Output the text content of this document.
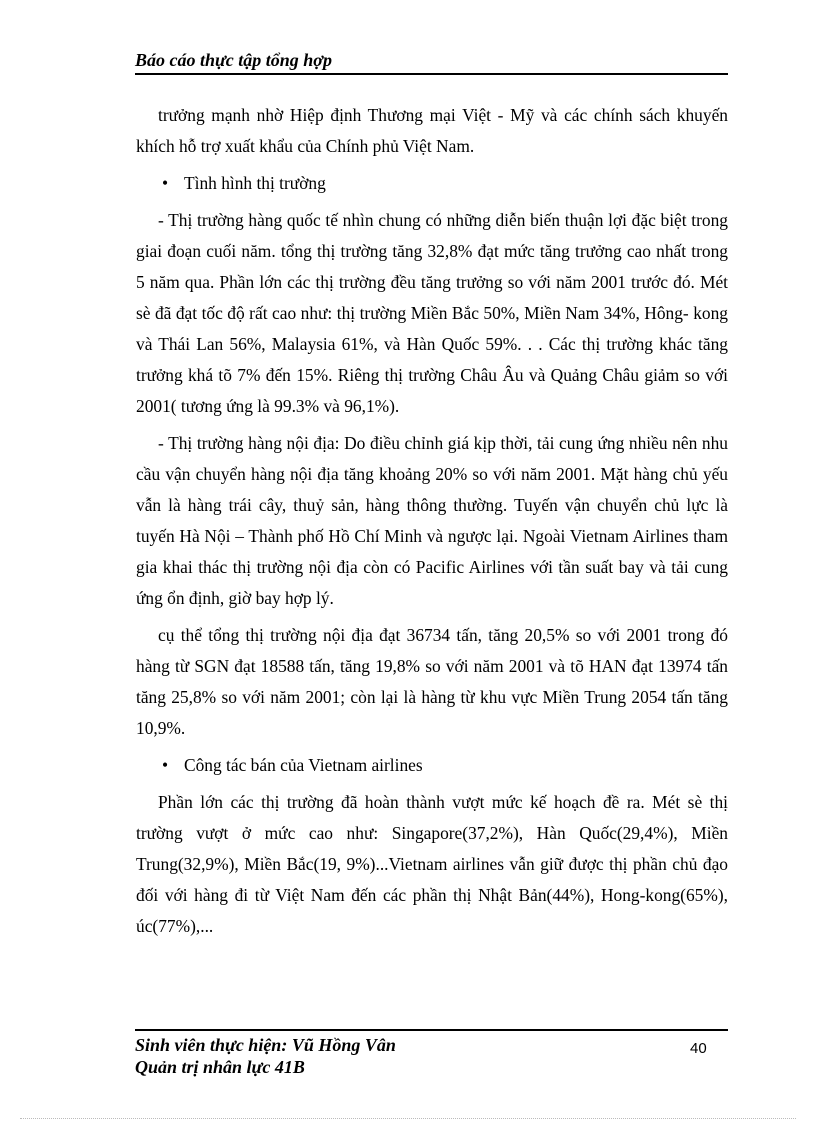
Báo cáo thực tập tổng hợp

trưởng mạnh nhờ Hiệp định Thương mại Việt - Mỹ và các chính sách khuyến khích hỗ trợ xuất khẩu của Chính phủ Việt Nam.

• Tình hình thị trường

- Thị trường hàng quốc tế nhìn chung có những diễn biến thuận lợi đặc biệt trong giai đoạn cuối năm. tổng thị trường tăng 32,8% đạt mức tăng trưởng cao nhất trong 5 năm qua. Phần lớn các thị trường đều tăng trưởng so với năm 2001 trước đó. Mét sè đã đạt tốc độ rất cao như: thị trường Miền Bắc 50%, Miền Nam 34%, Hông- kong và Thái Lan 56%, Malaysia 61%, và Hàn Quốc 59%. . . Các thị trường khác tăng trưởng khá tõ 7% đến 15%. Riêng thị trường Châu Âu và Quảng Châu giảm so với 2001( tương ứng là 99.3% và 96,1%).

- Thị trường hàng nội địa: Do điều chỉnh giá kịp thời, tải cung ứng nhiều nên nhu cầu vận chuyển hàng nội địa tăng khoảng 20% so với năm 2001. Mặt hàng chủ yếu vẫn là hàng trái cây, thuỷ sản, hàng thông thường. Tuyến vận chuyển chủ lực là tuyến Hà Nội – Thành phố Hồ Chí Minh và ngược lại. Ngoài Vietnam Airlines tham gia khai thác thị trường nội địa còn có Pacific Airlines với tần suất bay và tải cung ứng ổn định, giờ bay hợp lý.

cụ thể tổng thị trường nội địa đạt 36734 tấn, tăng 20,5% so với 2001 trong đó hàng từ SGN đạt 18588 tấn, tăng 19,8% so với năm 2001 và tõ HAN đạt 13974 tấn tăng 25,8% so với năm 2001; còn lại là hàng từ khu vực Miền Trung 2054 tấn tăng 10,9%.

• Công tác bán của Vietnam airlines

Phần lớn các thị trường đã hoàn thành vượt mức kế hoạch đề ra. Mét sè thị trường vượt ở mức cao như: Singapore(37,2%), Hàn Quốc(29,4%), Miền Trung(32,9%), Miền Bắc(19, 9%)...Vietnam airlines vẫn giữ được thị phần chủ đạo đối với hàng đi từ Việt Nam đến các phần thị Nhật Bản(44%), Hong-kong(65%), úc(77%),...

Sinh viên thực hiện: Vũ Hồng Vân
Quản trị nhân lực 41B
40
